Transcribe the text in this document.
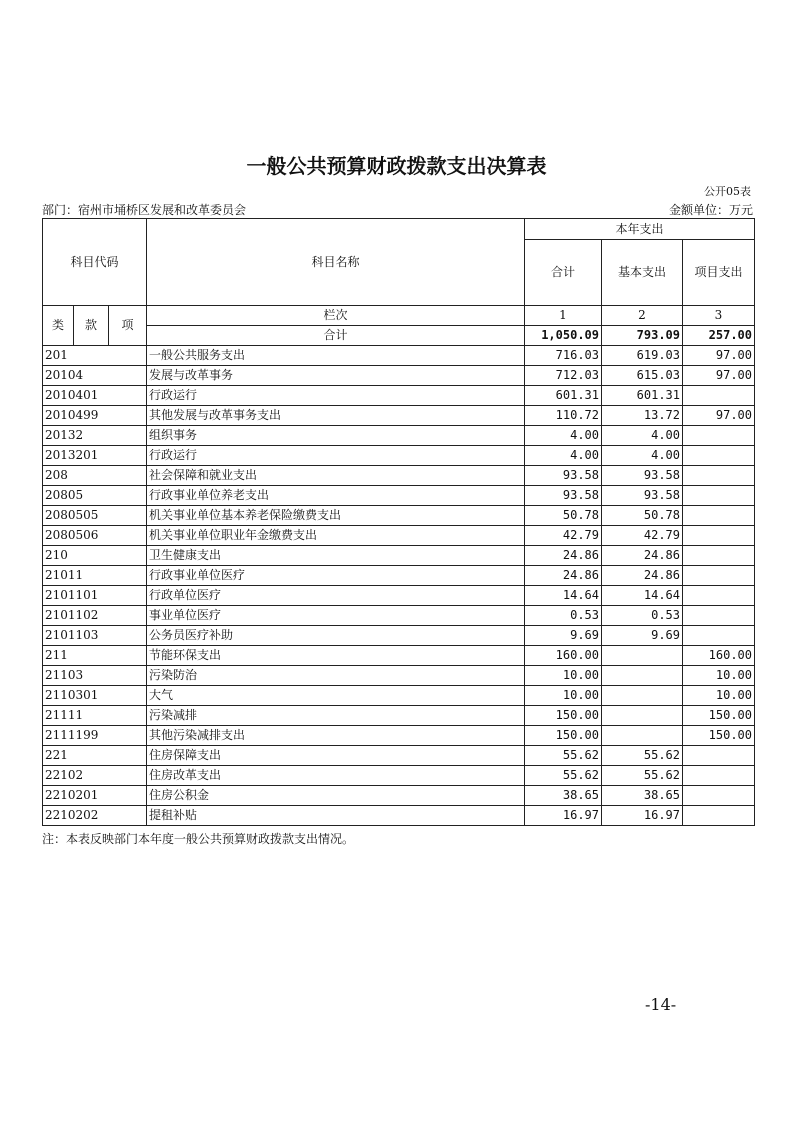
一般公共预算财政拨款支出决算表
公开05表
部门：宿州市埇桥区发展和改革委员会	金额单位：万元
科目代码			科目名称	本年支出		
				合计	基本支出	项目支出
类	款	项	栏次	1	2	3
			合计	1,050.09	793.09	257.00
201			一般公共服务支出	716.03	619.03	97.00
20104			发展与改革事务	712.03	615.03	97.00
2010401			行政运行	601.31	601.31	
2010499			其他发展与改革事务支出	110.72	13.72	97.00
20132			组织事务	4.00	4.00	
2013201			行政运行	4.00	4.00	
208			社会保障和就业支出	93.58	93.58	
20805			行政事业单位养老支出	93.58	93.58	
2080505			机关事业单位基本养老保险缴费支出	50.78	50.78	
2080506			机关事业单位职业年金缴费支出	42.79	42.79	
210			卫生健康支出	24.86	24.86	
21011			行政事业单位医疗	24.86	24.86	
2101101			行政单位医疗	14.64	14.64	
2101102			事业单位医疗	0.53	0.53	
2101103			公务员医疗补助	9.69	9.69	
211			节能环保支出	160.00		160.00
21103			污染防治	10.00		10.00
2110301			大气	10.00		10.00
21111			污染减排	150.00		150.00
2111199			其他污染减排支出	150.00		150.00
221			住房保障支出	55.62	55.62	
22102			住房改革支出	55.62	55.62	
2210201			住房公积金	38.65	38.65	
2210202			提租补贴	16.97	16.97	
注：本表反映部门本年度一般公共预算财政拨款支出情况。
-14-
